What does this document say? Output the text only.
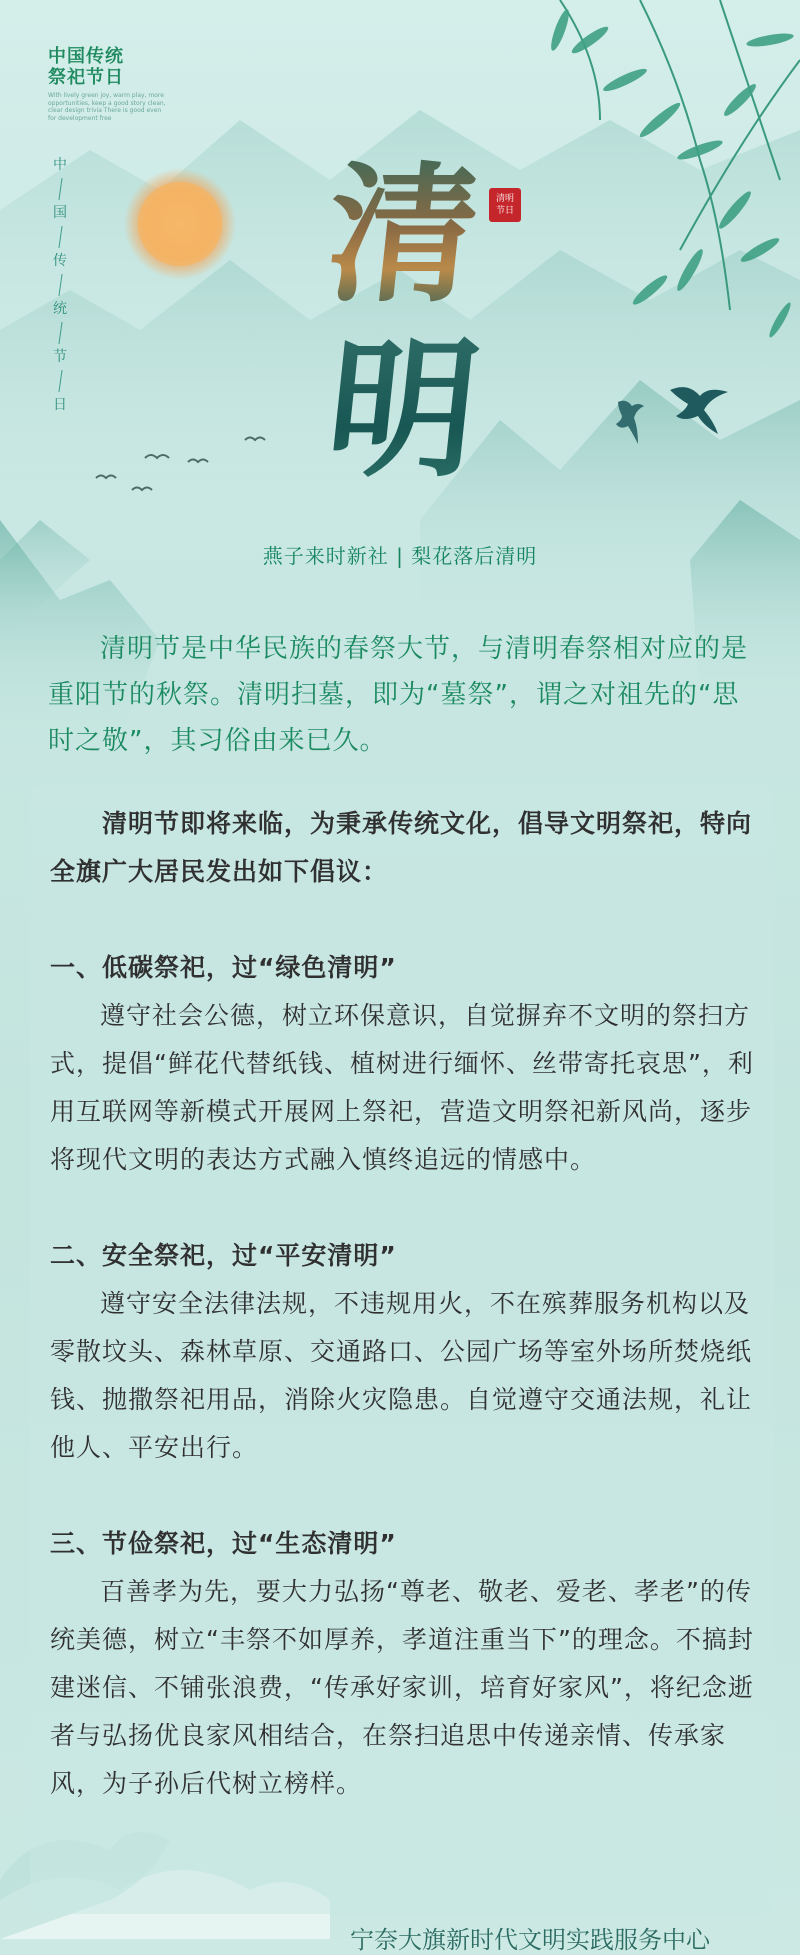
中国传统
祭祀节日
With lively green joy, warm play, more opportunities, keep a good story clean, clear design trivia There is good even for development free
中
国
传
统
节
日
清
明
清明
节日
燕子来时新社 | 梨花落后清明
清明节是中华民族的春祭大节，与清明春祭相对应的是重阳节的秋祭。清明扫墓，即为“墓祭”，谓之对祖先的“思时之敬”，其习俗由来已久。
清明节即将来临，为秉承传统文化，倡导文明祭祀，特向全旗广大居民发出如下倡议：
一、低碳祭祀，过“绿色清明”

遵守社会公德，树立环保意识，自觉摒弃不文明的祭扫方式，提倡“鲜花代替纸钱、植树进行缅怀、丝带寄托哀思”，利用互联网等新模式开展网上祭祀，营造文明祭祀新风尚，逐步将现代文明的表达方式融入慎终追远的情感中。

二、安全祭祀，过“平安清明”

遵守安全法律法规，不违规用火，不在殡葬服务机构以及零散坟头、森林草原、交通路口、公园广场等室外场所焚烧纸钱、抛撒祭祀用品，消除火灾隐患。自觉遵守交通法规，礼让他人、平安出行。

三、节俭祭祀，过“生态清明”

百善孝为先，要大力弘扬“尊老、敬老、爱老、孝老”的传统美德，树立“丰祭不如厚养，孝道注重当下”的理念。不搞封建迷信、不铺张浪费，“传承好家训，培育好家风”，将纪念逝者与弘扬优良家风相结合，在祭扫追思中传递亲情、传承家风，为子孙后代树立榜样。

宁奈大旗新时代文明实践服务中心
